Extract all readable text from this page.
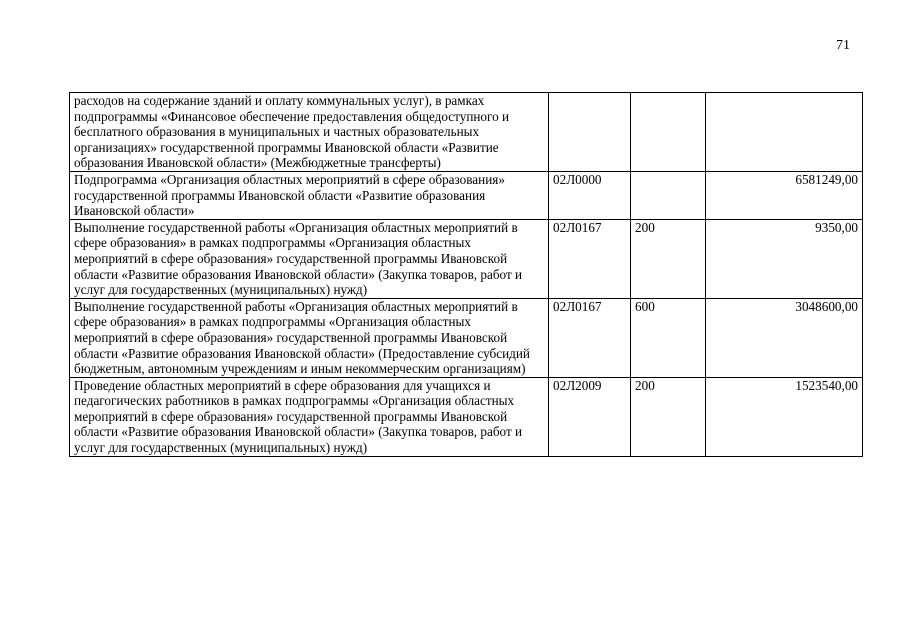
71
расходов на содержание зданий и оплату коммунальных услуг), в рамках подпрограммы «Финансовое обеспечение предоставления общедоступного и бесплатного образования в муниципальных и частных образовательных организациях» государственной программы Ивановской области «Развитие образования Ивановской области» (Межбюджетные трансферты)			
Подпрограмма «Организация областных мероприятий в сфере образования» государственной программы Ивановской области «Развитие образования Ивановской области»	02Л0000		6581249,00
Выполнение государственной работы «Организация областных мероприятий в сфере образования» в рамках подпрограммы «Организация областных мероприятий в сфере образования» государственной программы Ивановской области «Развитие образования Ивановской области» (Закупка товаров, работ и услуг для государственных (муниципальных) нужд)	02Л0167	200	9350,00
Выполнение государственной работы «Организация областных мероприятий в сфере образования» в рамках подпрограммы «Организация областных мероприятий в сфере образования» государственной программы Ивановской области «Развитие образования Ивановской области» (Предоставление субсидий бюджетным, автономным учреждениям и иным некоммерческим организациям)	02Л0167	600	3048600,00
Проведение областных мероприятий в сфере образования для учащихся и педагогических работников в рамках подпрограммы «Организация областных мероприятий в сфере образования» государственной программы Ивановской области «Развитие образования Ивановской области» (Закупка товаров, работ и услуг для государственных (муниципальных) нужд)	02Л2009	200	1523540,00
